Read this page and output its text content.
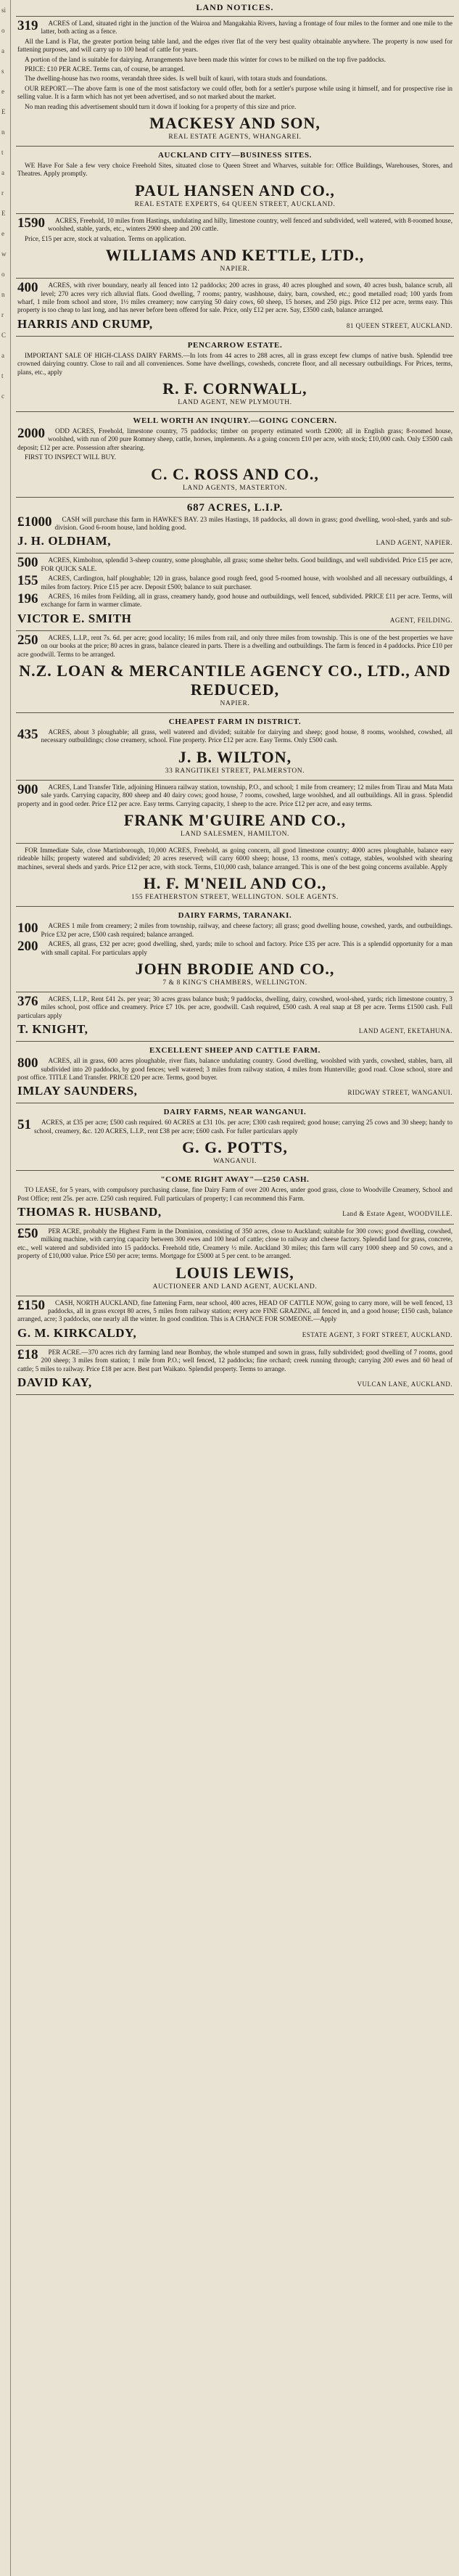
si
o
a
s
e
E
n
t
a
r
E
e
w
o
n
r
C
a
t
c
LAND NOTICES.

319 ACRES of Land, situated right in the junction of the Wairoa and Mangakahia Rivers, having a frontage of four miles to the former and one mile to the latter, both acting as a fence.

All the Land is Flat, the greater portion being table land, and the edges river flat of the very best quality obtainable anywhere. The property is now used for fattening purposes, and will carry up to 100 head of cattle for years.

A portion of the land is suitable for dairying. Arrangements have been made this winter for cows to be milked on the top five paddocks.

PRICE: £10 PER ACRE. Terms can, of course, be arranged.

The dwelling-house has two rooms, verandah three sides. Is well built of kauri, with totara studs and foundations.

OUR REPORT.—The above farm is one of the most satisfactory we could offer, both for a settler's purpose while using it himself, and for prospective rise in selling value. It is a farm which has not yet been advertised, and so not marked about the market.

No man reading this advertisement should turn it down if looking for a property of this size and price.

MACKESY AND SON,
REAL ESTATE AGENTS, WHANGAREI.
AUCKLAND CITY—BUSINESS SITES.

WE Have For Sale a few very choice Freehold Sites, situated close to Queen Street and Wharves, suitable for: Office Buildings, Warehouses, Stores, and Theatres. Apply promptly.

PAUL HANSEN AND CO.,
REAL ESTATE EXPERTS, 64 QUEEN STREET, AUCKLAND.

1590 ACRES, Freehold, 10 miles from Hastings, undulating and hilly, limestone country, well fenced and subdivided, well watered, with 8-roomed house, woolshed, stable, yards, etc., winters 2900 sheep and 200 cattle.

Price, £15 per acre, stock at valuation. Terms on application.

WILLIAMS AND KETTLE, LTD.,
NAPIER.

400 ACRES, with river boundary, nearly all fenced into 12 paddocks; 200 acres in grass, 40 acres ploughed and sown, 40 acres bush, balance scrub, all level; 270 acres very rich alluvial flats. Good dwelling, 7 rooms; pantry, washhouse, dairy, barn, cowshed, etc.; good metalled road; 100 yards from wharf, 1 mile from school and store, 1½ miles creamery; now carrying 50 dairy cows, 60 sheep, 15 horses, and 250 pigs. Price £12 per acre, terms easy. This property is too cheap to last long, and has never before been offered for sale. Price, only £12 per acre. Say, £3500 cash, balance arranged.

HARRIS AND CRUMP,	81 QUEEN STREET, AUCKLAND.
PENCARROW ESTATE.

IMPORTANT SALE OF HIGH-CLASS DAIRY FARMS.—In lots from 44 acres to 288 acres, all in grass except few clumps of native bush. Splendid tree crowned dairying country. Close to rail and all conveniences. Some have dwellings, cowsheds, concrete floor, and all necessary outbuildings. For Prices, terms, plans, etc., apply

R. F. CORNWALL,
LAND AGENT, NEW PLYMOUTH.
WELL WORTH AN INQUIRY.—GOING CONCERN.

2000 ODD ACRES, Freehold, limestone country, 75 paddocks; timber on property estimated worth £2000; all in English grass; 8-roomed house, woolshed, with run of 200 pure Romney sheep, cattle, horses, implements. As a going concern £10 per acre, with stock; £10,000 cash. Only £3500 cash deposit; £12 per acre. Possession after shearing.

FIRST TO INSPECT WILL BUY.

C. C. ROSS AND CO.,
LAND AGENTS, MASTERTON.
687 ACRES, L.I.P.

£1000 CASH will purchase this farm in HAWKE'S BAY. 23 miles Hastings, 18 paddocks, all down in grass; good dwelling, wool-shed, yards and sub-division. Good 6-room house, land holding good.

J. H. OLDHAM,	LAND AGENT, NAPIER.

500 ACRES, Kimbolton, splendid 3-sheep country, some ploughable, all grass; some shelter belts. Good buildings, and well subdivided. Price £15 per acre, FOR QUICK SALE.

155 ACRES, Cardington, half ploughable; 120 in grass, balance good rough feed, good 5-roomed house, with woolshed and all necessary outbuildings, 4 miles from factory. Price £15 per acre. Deposit £500; balance to suit purchaser.

196 ACRES, 16 miles from Feilding, all in grass, creamery handy, good house and outbuildings, well fenced, subdivided. PRICE £11 per acre. Terms, will exchange for farm in warmer climate.

VICTOR E. SMITH	AGENT, FEILDING.

250 ACRES, L.I.P., rent 7s. 6d. per acre; good locality; 16 miles from rail, and only three miles from township. This is one of the best properties we have on our books at the price; 80 acres in grass, balance cleared in parts. There is a dwelling and outbuildings. The farm is fenced in 4 paddocks. Price £10 per acre goodwill. Terms to be arranged.

N.Z. LOAN & MERCANTILE AGENCY CO., LTD., AND REDUCED,
NAPIER.
CHEAPEST FARM IN DISTRICT.

435 ACRES, about 3 ploughable; all grass, well watered and divided; suitable for dairying and sheep; good house, 8 rooms, woolshed, cowshed, all necessary outbuildings; close creamery, school. Fine property. Price £12 per acre. Easy Terms. Only £500 cash.

J. B. WILTON,
33 RANGITIKEI STREET, PALMERSTON.

900 ACRES, Land Transfer Title, adjoining Hinuera railway station, township, P.O., and school; 1 mile from creamery; 12 miles from Tirau and Mata Mata sale yards. Carrying capacity, 800 sheep and 40 dairy cows; good house, 7 rooms, cowshed, large woolshed, and all outbuildings. All in grass. Splendid property and in good order. Price £12 per acre. Easy terms. Carrying capacity, 1 sheep to the acre. Price £12 per acre, and easy terms.

FRANK M'GUIRE AND CO.,
LAND SALESMEN, HAMILTON.

FOR Immediate Sale, close Martinborough, 10,000 ACRES, Freehold, as going concern, all good limestone country; 4000 acres ploughable, balance easy rideable hills; property watered and subdivided; 20 acres reserved; will carry 6000 sheep; house, 13 rooms, men's cottage, stables, woolshed with shearing machines, several sheds and yards. Price £12 per acre, with stock. Terms, £10,000 cash, balance arranged. This is one of the best going concerns available. Apply

H. F. M'NEIL AND CO.,
155 FEATHERSTON STREET, WELLINGTON. SOLE AGENTS.
DAIRY FARMS, TARANAKI.

100 ACRES 1 mile from creamery; 2 miles from township, railway, and cheese factory; all grass; good dwelling house, cowshed, yards, and outbuildings. Price £32 per acre, £500 cash required; balance arranged.

200 ACRES, all grass, £32 per acre; good dwelling, shed, yards; mile to school and factory. Price £35 per acre. This is a splendid opportunity for a man with small capital. For particulars apply

JOHN BRODIE AND CO.,
7 & 8 KING'S CHAMBERS, WELLINGTON.

376 ACRES, L.I.P., Rent £41 2s. per year; 30 acres grass balance bush; 9 paddocks, dwelling, dairy, cowshed, wool-shed, yards; rich limestone country, 3 miles school, post office and creamery. Price £7 10s. per acre, goodwill. Cash required, £500 cash. A real snap at £8 per acre. Terms £1500 cash. Full particulars apply

T. KNIGHT,	LAND AGENT, EKETAHUNA.
EXCELLENT SHEEP AND CATTLE FARM.

800 ACRES, all in grass, 600 acres ploughable, river flats, balance undulating country. Good dwelling, woolshed with yards, cowshed, stables, barn, all subdivided into 20 paddocks, by good fences; well watered; 3 miles from railway station, 4 miles from Hunterville; good road. Close school, store and post office. TITLE Land Transfer. PRICE £20 per acre. Terms, good buyer.

IMLAY SAUNDERS,	RIDGWAY STREET, WANGANUI.
DAIRY FARMS, NEAR WANGANUI.

51 ACRES, at £35 per acre; £500 cash required. 60 ACRES at £31 10s. per acre; £300 cash required; good house; carrying 25 cows and 30 sheep; handy to school, creamery, &c. 120 ACRES, L.I.P., rent £38 per acre; £600 cash. For fuller particulars apply

G. G. POTTS,
WANGANUI.
"COME RIGHT AWAY"—£250 CASH.

TO LEASE, for 5 years, with compulsory purchasing clause, fine Dairy Farm of over 200 Acres, under good grass, close to Woodville Creamery, School and Post Office; rent 25s. per acre. £250 cash required. Full particulars of property; I can recommend this Farm.

THOMAS R. HUSBAND,	Land & Estate Agent, WOODVILLE.

£50 PER ACRE, probably the Highest Farm in the Dominion, consisting of 350 acres, close to Auckland; suitable for 300 cows; good dwelling, cowshed, milking machine, with carrying capacity between 300 ewes and 100 head of cattle; close to railway and cheese factory. Splendid land for grass, concrete, etc., well watered and subdivided into 15 paddocks. Freehold title, Creamery ½ mile. Auckland 30 miles; this farm will carry 1000 sheep and 50 cows, and a property of £10,000 value. Price £50 per acre; terms. Mortgage for £5000 at 5 per cent. to be arranged.

LOUIS LEWIS,
AUCTIONEER AND LAND AGENT, AUCKLAND.

£150 CASH, NORTH AUCKLAND, fine fattening Farm, near school, 400 acres, HEAD OF CATTLE NOW, going to carry more, will be well fenced, 13 paddocks, all in grass except 80 acres, 5 miles from railway station; every acre FINE GRAZING, all fenced in, and a good house; £150 cash, balance arranged, acre; 3 paddocks, one nearly all the winter. In good condition. This is A CHANCE FOR SOMEONE.—Apply

G. M. KIRKCALDY,	ESTATE AGENT, 3 FORT STREET, AUCKLAND.

£18 PER ACRE.—370 acres rich dry farming land near Bombay, the whole stumped and sown in grass, fully subdivided; good dwelling of 7 rooms, good 200 sheep; 3 miles from station; 1 mile from P.O.; well fenced, 12 paddocks; fine orchard; creek running through; carrying 200 ewes and 60 head of cattle; 5 miles to railway. Price £18 per acre. Best part Waikato. Splendid property. Terms to arrange.

DAVID KAY,	VULCAN LANE, AUCKLAND.
